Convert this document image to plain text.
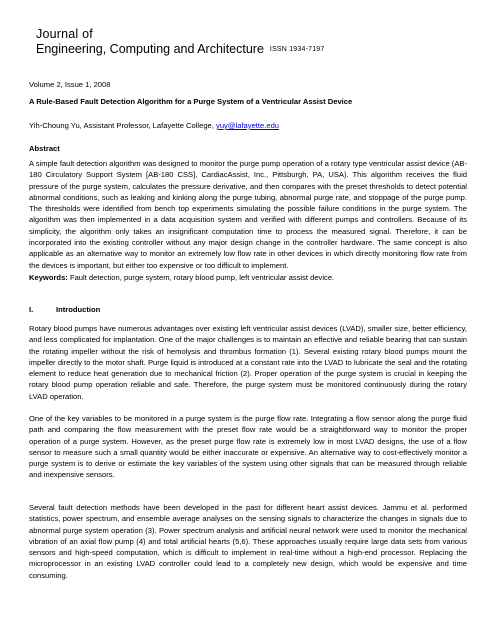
Journal of
Engineering, Computing and Architecture ISSN 1934-7197
Volume 2, Issue 1, 2008
A Rule-Based Fault Detection Algorithm for a Purge System of a Ventricular Assist Device
Yih-Choung Yu, Assistant Professor, Lafayette College, yuy@lafayette.edu
Abstract
A simple fault detection algorithm was designed to monitor the purge pump operation of a rotary type ventricular assist device (AB-180 Circulatory Support System [AB-180 CSS], CardiacAssist, Inc., Pittsburgh, PA, USA). This algorithm receives the fluid pressure of the purge system, calculates the pressure derivative, and then compares with the preset thresholds to detect potential abnormal conditions, such as leaking and kinking along the purge tubing, abnormal purge rate, and stoppage of the purge pump. The thresholds were identified from bench top experiments simulating the possible failure conditions in the purge system. The algorithm was then implemented in a data acquisition system and verified with different pumps and controllers. Because of its simplicity, the algorithm only takes an insignificant computation time to process the measured signal. Therefore, it can be incorporated into the existing controller without any major design change in the controller hardware. The same concept is also applicable as an alternative way to monitor an extremely low flow rate in other devices in which directly monitoring flow rate from the devices is important, but either too expensive or too difficult to implement.
Keywords: Fault detection, purge system, rotary blood pump, left ventricular assist device.
I.	Introduction
Rotary blood pumps have numerous advantages over existing left ventricular assist devices (LVAD), smaller size, better efficiency, and less complicated for implantation. One of the major challenges is to maintain an effective and reliable bearing that can sustain the rotating impeller without the risk of hemolysis and thrombus formation (1). Several existing rotary blood pumps mount the impeller directly to the motor shaft. Purge liquid is introduced at a constant rate into the LVAD to lubricate the seal and the rotating element to reduce heat generation due to mechanical friction (2). Proper operation of the purge system is crucial in keeping the rotary blood pump operation reliable and safe. Therefore, the purge system must be monitored continuously during the rotary LVAD operation.
One of the key variables to be monitored in a purge system is the purge flow rate. Integrating a flow sensor along the purge fluid path and comparing the flow measurement with the preset flow rate would be a straightforward way to monitor the proper operation of a purge system. However, as the preset purge flow rate is extremely low in most LVAD designs, the use of a flow sensor to measure such a small quantity would be either inaccurate or expensive. An alternative way to cost-effectively monitor a purge system is to derive or estimate the key variables of the system using other signals that can be measured through reliable and inexpensive sensors.
Several fault detection methods have been developed in the past for different heart assist devices. Jammu et al. performed statistics, power spectrum, and ensemble average analyses on the sensing signals to characterize the changes in signals due to abnormal purge system operation (3). Power spectrum analysis and artificial neural network were used to monitor the mechanical vibration of an axial flow pump (4) and total artificial hearts (5,6). These approaches usually require large data sets from various sensors and high-speed computation, which is difficult to implement in real-time without a high-end processor. Replacing the microprocessor in an existing LVAD controller could lead to a completely new design, which would be expensive and time consuming.
